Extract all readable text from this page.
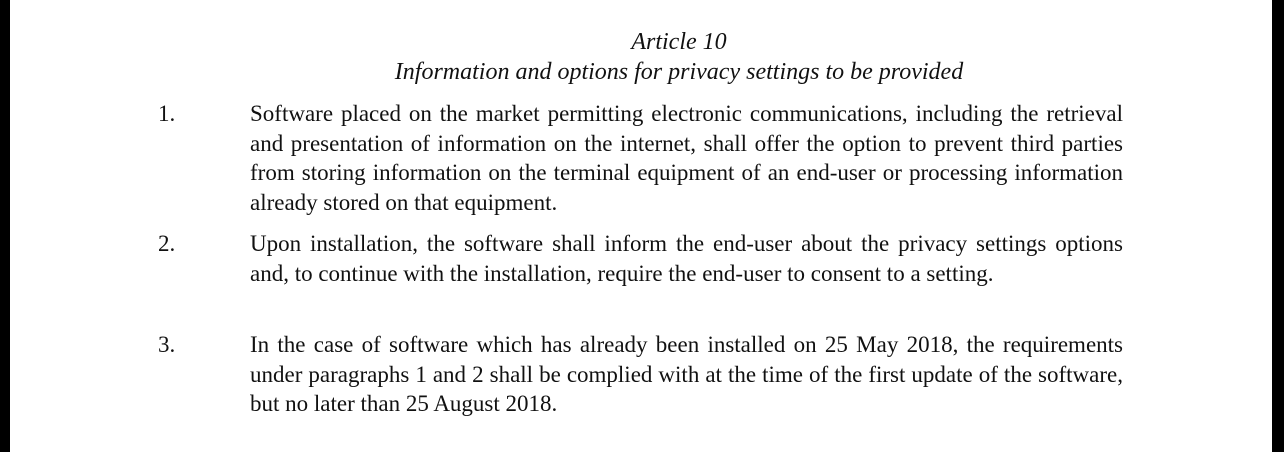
Article 10
Information and options for privacy settings to be provided
1.	Software placed on the market permitting electronic communications, including the retrieval and presentation of information on the internet, shall offer the option to prevent third parties from storing information on the terminal equipment of an end-user or processing information already stored on that equipment.
2.	Upon installation, the software shall inform the end-user about the privacy settings options and, to continue with the installation, require the end-user to consent to a setting.
3.	In the case of software which has already been installed on 25 May 2018, the requirements under paragraphs 1 and 2 shall be complied with at the time of the first update of the software, but no later than 25 August 2018.
